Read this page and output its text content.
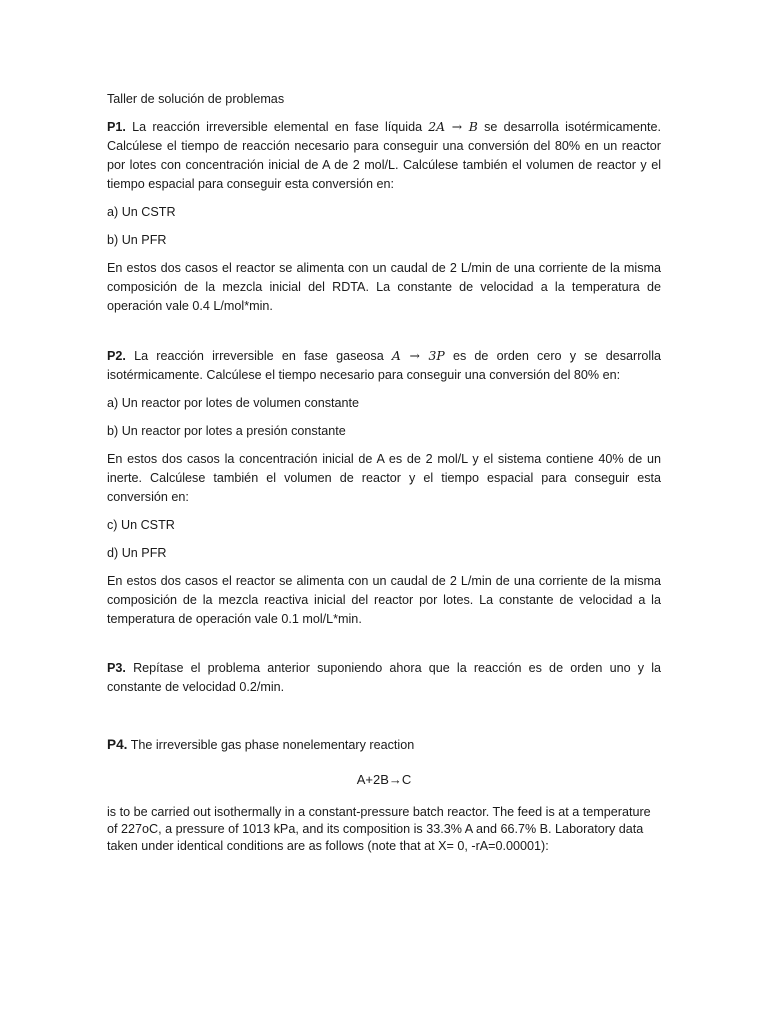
Taller de solución de problemas

P1. La reacción irreversible elemental en fase líquida 2A → B se desarrolla isotérmicamente. Calcúlese el tiempo de reacción necesario para conseguir una conversión del 80% en un reactor por lotes con concentración inicial de A de 2 mol/L. Calcúlese también el volumen de reactor y el tiempo espacial para conseguir esta conversión en:

a) Un CSTR

b) Un PFR

En estos dos casos el reactor se alimenta con un caudal de 2 L/min de una corriente de la misma composición de la mezcla inicial del RDTA. La constante de velocidad a la temperatura de operación vale 0.4 L/mol*min.

P2. La reacción irreversible en fase gaseosa A → 3P es de orden cero y se desarrolla isotérmicamente. Calcúlese el tiempo necesario para conseguir una conversión del 80% en:

a) Un reactor por lotes de volumen constante

b) Un reactor por lotes a presión constante

En estos dos casos la concentración inicial de A es de 2 mol/L y el sistema contiene 40% de un inerte. Calcúlese también el volumen de reactor y el tiempo espacial para conseguir esta conversión en:

c) Un CSTR

d) Un PFR

En estos dos casos el reactor se alimenta con un caudal de 2 L/min de una corriente de la misma composición de la mezcla reactiva inicial del reactor por lotes. La constante de velocidad a la temperatura de operación vale 0.1 mol/L*min.

P3. Repítase el problema anterior suponiendo ahora que la reacción es de orden uno y la constante de velocidad 0.2/min.

P4. The irreversible gas phase nonelementary reaction

A+2B→C

is to be carried out isothermally in a constant-pressure batch reactor. The feed is at a temperature of 227oC, a pressure of 1013 kPa, and its composition is 33.3% A and 66.7% B. Laboratory data taken under identical conditions are as follows (note that at X= 0, -rA=0.00001):
